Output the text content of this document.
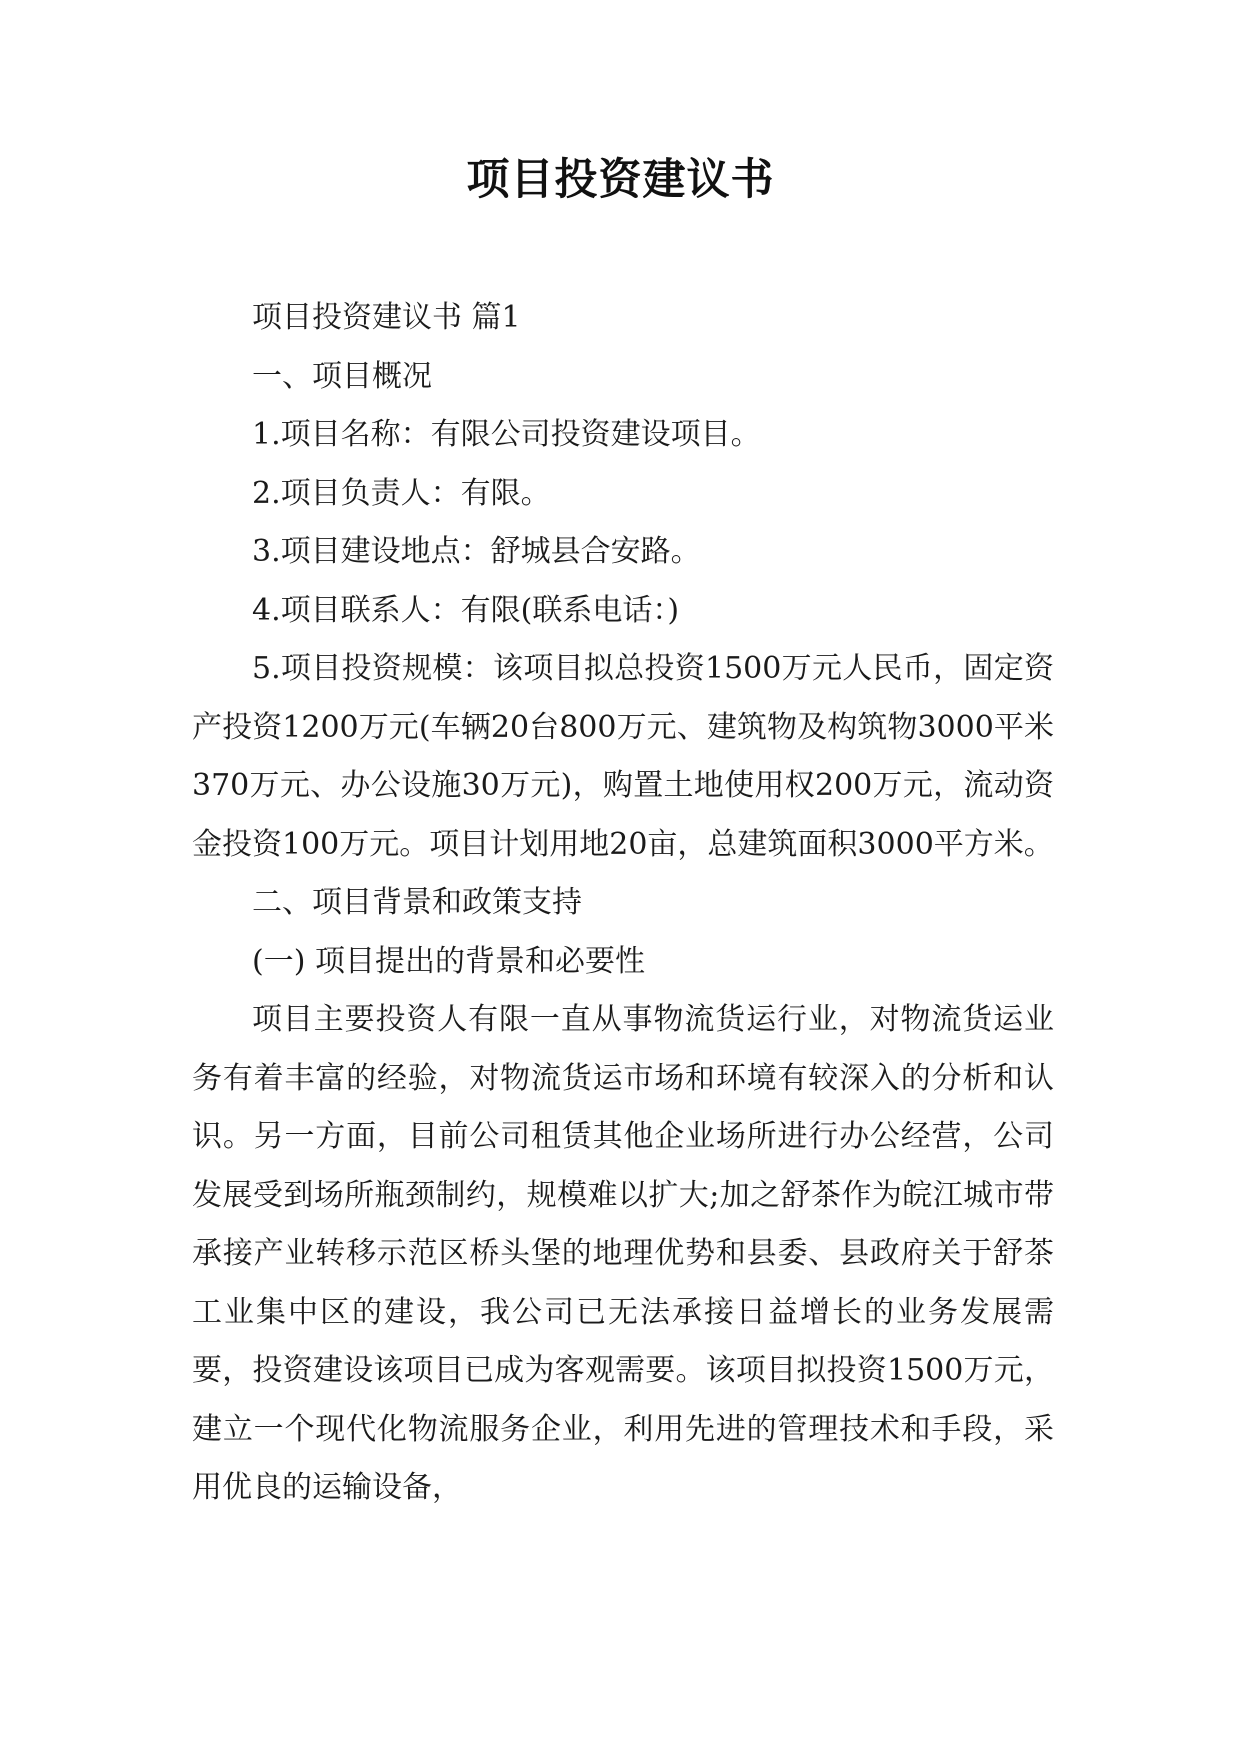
项目投资建议书

项目投资建议书 篇1

一、项目概况

1.项目名称：有限公司投资建设项目。

2.项目负责人：有限。

3.项目建设地点：舒城县合安路。

4.项目联系人：有限(联系电话：)

5.项目投资规模：该项目拟总投资1500万元人民币，固定资产投资1200万元(车辆20台800万元、建筑物及构筑物3000平米370万元、办公设施30万元)，购置土地使用权200万元，流动资金投资100万元。项目计划用地20亩，总建筑面积3000平方米。

二、项目背景和政策支持

(一) 项目提出的背景和必要性

项目主要投资人有限一直从事物流货运行业，对物流货运业务有着丰富的经验，对物流货运市场和环境有较深入的分析和认识。另一方面，目前公司租赁其他企业场所进行办公经营，公司发展受到场所瓶颈制约，规模难以扩大;加之舒茶作为皖江城市带承接产业转移示范区桥头堡的地理优势和县委、县政府关于舒茶工业集中区的建设，我公司已无法承接日益增长的业务发展需要，投资建设该项目已成为客观需要。该项目拟投资1500万元，建立一个现代化物流服务企业，利用先进的管理技术和手段，采用优良的运输设备，
